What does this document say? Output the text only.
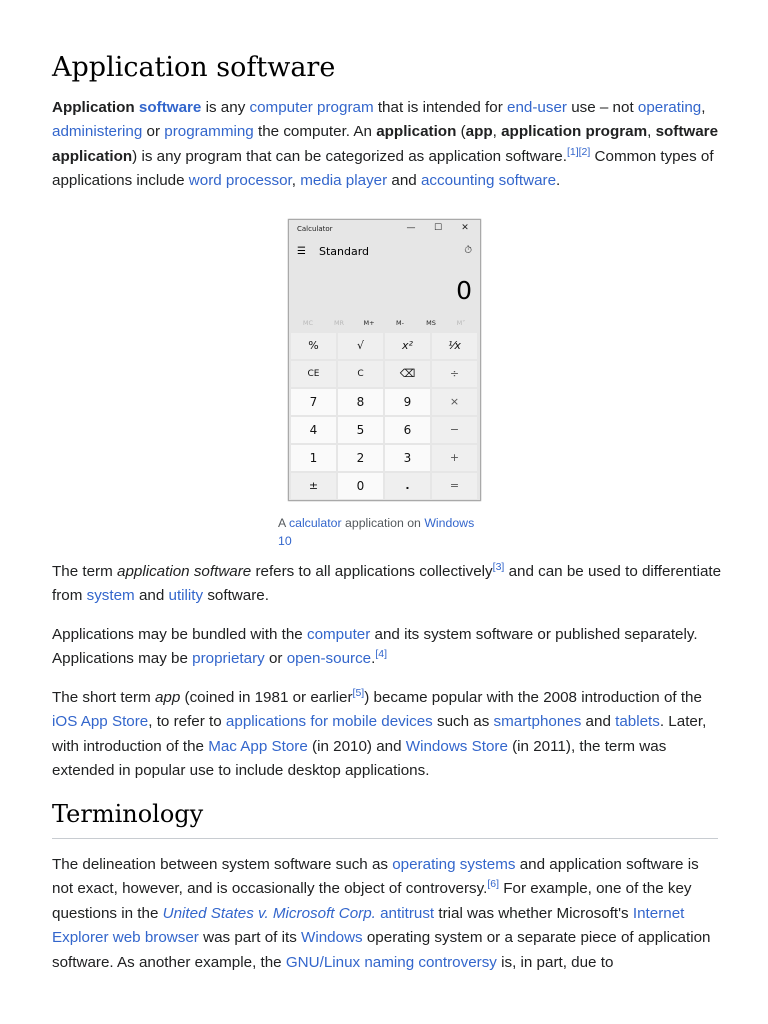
Application software

Application software is any computer program that is intended for end-user use – not operating, administering or programming the computer. An application (app, application program, software application) is any program that can be categorized as application software.[1][2] Common types of applications include word processor, media player and accounting software.

Calculator	—	☐	✕
☰ Standard	⏱
0
MC	MR	M+	M-	MS	M˅
%	√	x²	¹⁄x
CE	C	⌫	÷
7	8	9	×
4	5	6	−
1	2	3	+
±	0	.	=
A calculator application on Windows 10

The term application software refers to all applications collectively[3] and can be used to differentiate from system and utility software.

Applications may be bundled with the computer and its system software or published separately. Applications may be proprietary or open-source.[4]

The short term app (coined in 1981 or earlier[5]) became popular with the 2008 introduction of the iOS App Store, to refer to applications for mobile devices such as smartphones and tablets. Later, with introduction of the Mac App Store (in 2010) and Windows Store (in 2011), the term was extended in popular use to include desktop applications.

Terminology

The delineation between system software such as operating systems and application software is not exact, however, and is occasionally the object of controversy.[6] For example, one of the key questions in the United States v. Microsoft Corp. antitrust trial was whether Microsoft's Internet Explorer web browser was part of its Windows operating system or a separate piece of application software. As another example, the GNU/Linux naming controversy is, in part, due to
